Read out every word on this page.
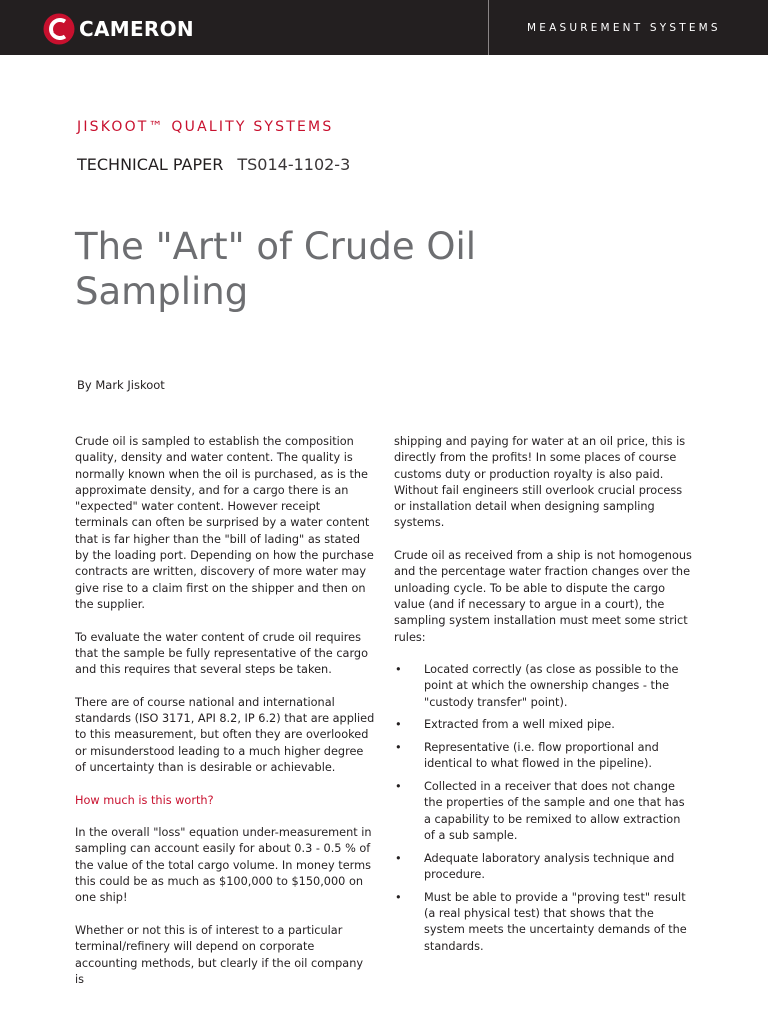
CAMERON	MEASUREMENT SYSTEMS
JISKOOT™ QUALITY SYSTEMS
TECHNICAL PAPER TS014-1102-3
The "Art" of Crude Oil
Sampling
By Mark Jiskoot

Crude oil is sampled to establish the composition quality, density and water content. The quality is normally known when the oil is purchased, as is the approximate density, and for a cargo there is an "expected" water content. However receipt terminals can often be surprised by a water content that is far higher than the "bill of lading" as stated by the loading port. Depending on how the purchase contracts are written, discovery of more water may give rise to a claim first on the shipper and then on the supplier.

To evaluate the water content of crude oil requires that the sample be fully representative of the cargo and this requires that several steps be taken.

There are of course national and international standards (ISO 3171, API 8.2, IP 6.2) that are applied to this measurement, but often they are overlooked or misunderstood leading to a much higher degree of uncertainty than is desirable or achievable.

How much is this worth?

In the overall "loss" equation under-measurement in sampling can account easily for about 0.3 - 0.5 % of the value of the total cargo volume. In money terms this could be as much as $100,000 to $150,000 on one ship!

Whether or not this is of interest to a particular terminal/refinery will depend on corporate accounting methods, but clearly if the oil company is

shipping and paying for water at an oil price, this is directly from the profits! In some places of course customs duty or production royalty is also paid. Without fail engineers still overlook crucial process or installation detail when designing sampling systems.

Crude oil as received from a ship is not homogenous and the percentage water fraction changes over the unloading cycle. To be able to dispute the cargo value (and if necessary to argue in a court), the sampling system installation must meet some strict rules:

• Located correctly (as close as possible to the point at which the ownership changes - the "custody transfer" point).
• Extracted from a well mixed pipe.
• Representative (i.e. flow proportional and identical to what flowed in the pipeline).
• Collected in a receiver that does not change the properties of the sample and one that has a capability to be remixed to allow extraction of a sub sample.
• Adequate laboratory analysis technique and procedure.
• Must be able to provide a "proving test" result (a real physical test) that shows that the system meets the uncertainty demands of the standards.
